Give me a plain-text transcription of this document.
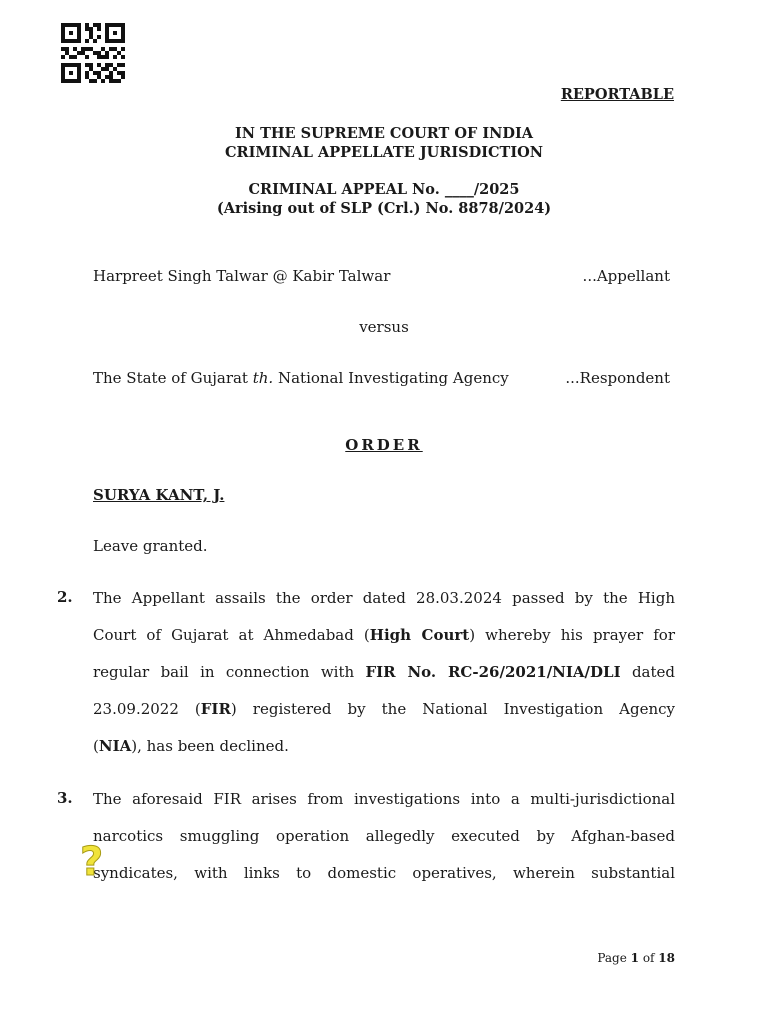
REPORTABLE
IN THE SUPREME COURT OF INDIA
CRIMINAL APPELLATE JURISDICTION
CRIMINAL APPEAL No. ____/2025
(Arising out of SLP (Crl.) No. 8878/2024)
Harpreet Singh Talwar @ Kabir Talwar	...Appellant
versus
The State of Gujarat th. National Investigating Agency	...Respondent
ORDER
SURYA KANT, J.
Leave granted.
2. The Appellant assails the order dated 28.03.2024 passed by the High
Court of Gujarat at Ahmedabad (High Court) whereby his prayer for
regular bail in connection with FIR No. RC-26/2021/NIA/DLI dated
23.09.2022 (FIR) registered by the National Investigation Agency
(NIA), has been declined.
3. The aforesaid FIR arises from investigations into a multi-jurisdictional
narcotics smuggling operation allegedly executed by Afghan-based
syndicates, with links to domestic operatives, wherein substantial
?
Page 1 of 18
